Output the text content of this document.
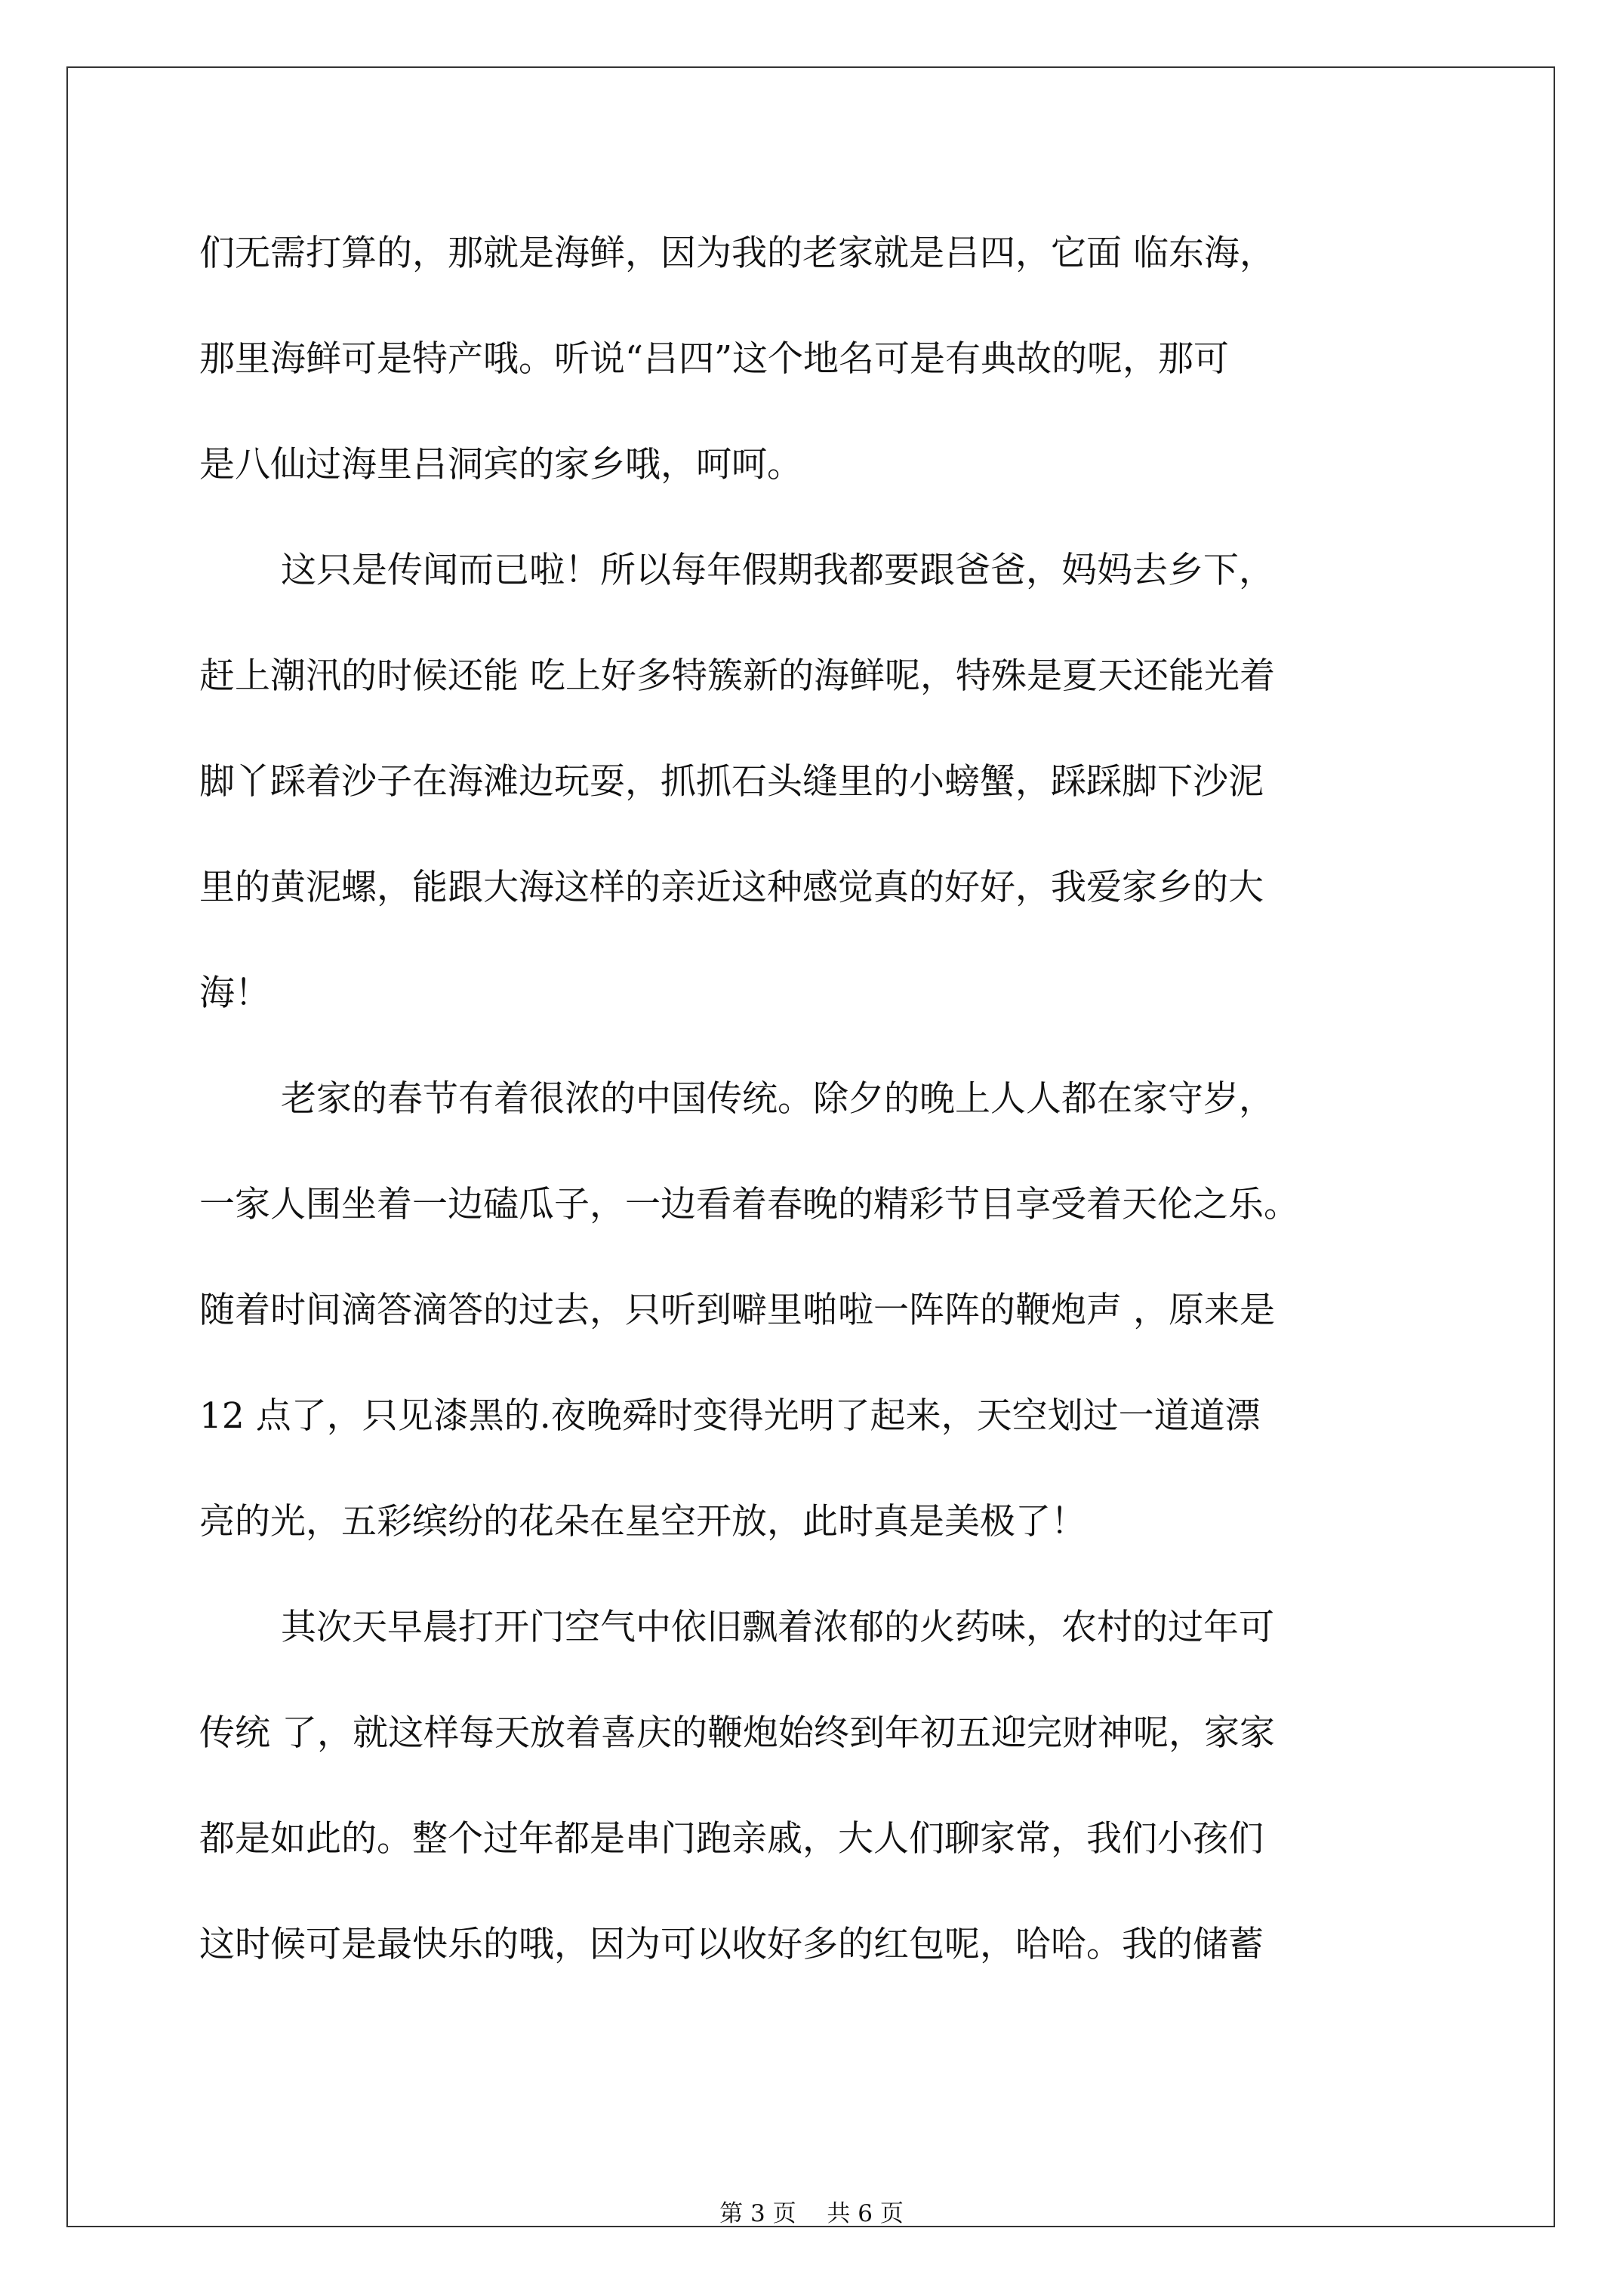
们无需打算的，那就是海鲜，因为我的老家就是吕四，它面 临东海，
那里海鲜可是特产哦。听说“吕四”这个地名可是有典故的呢，那可
是八仙过海里吕洞宾的家乡哦，呵呵。
这只是传闻而已啦！所以每年假期我都要跟爸爸，妈妈去乡下，
赶上潮汛的时候还能 吃上好多特簇新的海鲜呢，特殊是夏天还能光着
脚丫踩着沙子在海滩边玩耍，抓抓石头缝里的小螃蟹，踩踩脚下沙泥
里的黄泥螺，能跟大海这样的亲近这种感觉真的好好，我爱家乡的大
海！
老家的春节有着很浓的中国传统。除夕的晚上人人都在家守岁，
一家人围坐着一边磕瓜子，一边看着春晚的精彩节目享受着天伦之乐。
随着时间滴答滴答的过去，只听到噼里啪啦一阵阵的鞭炮声 ，原来是
12 点了，只见漆黑的.夜晚舜时变得光明了起来，天空划过一道道漂
亮的光，五彩缤纷的花朵在星空开放，此时真是美极了！
其次天早晨打开门空气中依旧飘着浓郁的火药味，农村的过年可
传统 了，就这样每天放着喜庆的鞭炮始终到年初五迎完财神呢，家家
都是如此的。整个过年都是串门跑亲戚，大人们聊家常，我们小孩们
这时候可是最快乐的哦，因为可以收好多的红包呢，哈哈。我的储蓄
第 3 页　 共 6 页
